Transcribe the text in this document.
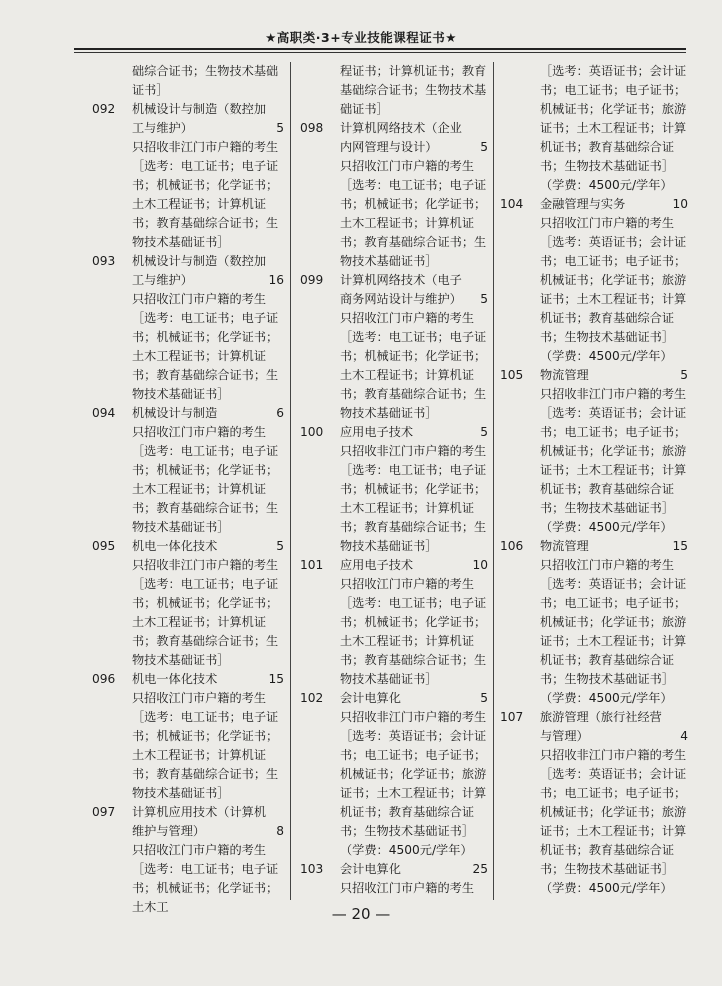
★高职类·3+专业技能课程证书★
础综合证书；生物技术基础证书］
092	机械设计与制造（数控加工与维护）	5
只招收非江门市户籍的考生
［选考：电工证书；电子证书；机械证书；化学证书；土木工程证书；计算机证书；教育基础综合证书；生物技术基础证书］
093	机械设计与制造（数控加工与维护）	16
只招收江门市户籍的考生
［选考：电工证书；电子证书；机械证书；化学证书；土木工程证书；计算机证书；教育基础综合证书；生物技术基础证书］
094	机械设计与制造	6
只招收江门市户籍的考生
［选考：电工证书；电子证书；机械证书；化学证书；土木工程证书；计算机证书；教育基础综合证书；生物技术基础证书］
095	机电一体化技术	5
只招收非江门市户籍的考生
［选考：电工证书；电子证书；机械证书；化学证书；土木工程证书；计算机证书；教育基础综合证书；生物技术基础证书］
096	机电一体化技术	15
只招收江门市户籍的考生
［选考：电工证书；电子证书；机械证书；化学证书；土木工程证书；计算机证书；教育基础综合证书；生物技术基础证书］
097	计算机应用技术（计算机维护与管理）	8
只招收江门市户籍的考生
［选考：电工证书；电子证书；机械证书；化学证书；土木工
程证书；计算机证书；教育基础综合证书；生物技术基础证书］
098	计算机网络技术（企业内网管理与设计）	5
只招收江门市户籍的考生
［选考：电工证书；电子证书；机械证书；化学证书；土木工程证书；计算机证书；教育基础综合证书；生物技术基础证书］
099	计算机网络技术（电子商务网站设计与维护）	5
只招收江门市户籍的考生
［选考：电工证书；电子证书；机械证书；化学证书；土木工程证书；计算机证书；教育基础综合证书；生物技术基础证书］
100	应用电子技术	5
只招收非江门市户籍的考生
［选考：电工证书；电子证书；机械证书；化学证书；土木工程证书；计算机证书；教育基础综合证书；生物技术基础证书］
101	应用电子技术	10
只招收江门市户籍的考生
［选考：电工证书；电子证书；机械证书；化学证书；土木工程证书；计算机证书；教育基础综合证书；生物技术基础证书］
102	会计电算化	5
只招收非江门市户籍的考生
［选考：英语证书；会计证书；电工证书；电子证书；机械证书；化学证书；旅游证书；土木工程证书；计算机证书；教育基础综合证书；生物技术基础证书］
（学费：4500元/学年）
103	会计电算化	25
只招收江门市户籍的考生
［选考：英语证书；会计证书；电工证书；电子证书；机械证书；化学证书；旅游证书；土木工程证书；计算机证书；教育基础综合证书；生物技术基础证书］
（学费：4500元/学年）
104	金融管理与实务	10
只招收江门市户籍的考生
［选考：英语证书；会计证书；电工证书；电子证书；机械证书；化学证书；旅游证书；土木工程证书；计算机证书；教育基础综合证书；生物技术基础证书］
（学费：4500元/学年）
105	物流管理	5
只招收非江门市户籍的考生
［选考：英语证书；会计证书；电工证书；电子证书；机械证书；化学证书；旅游证书；土木工程证书；计算机证书；教育基础综合证书；生物技术基础证书］
（学费：4500元/学年）
106	物流管理	15
只招收江门市户籍的考生
［选考：英语证书；会计证书；电工证书；电子证书；机械证书；化学证书；旅游证书；土木工程证书；计算机证书；教育基础综合证书；生物技术基础证书］
（学费：4500元/学年）
107	旅游管理（旅行社经营与管理）	4
只招收非江门市户籍的考生
［选考：英语证书；会计证书；电工证书；电子证书；机械证书；化学证书；旅游证书；土木工程证书；计算机证书；教育基础综合证书；生物技术基础证书］
（学费：4500元/学年）
— 20 —
